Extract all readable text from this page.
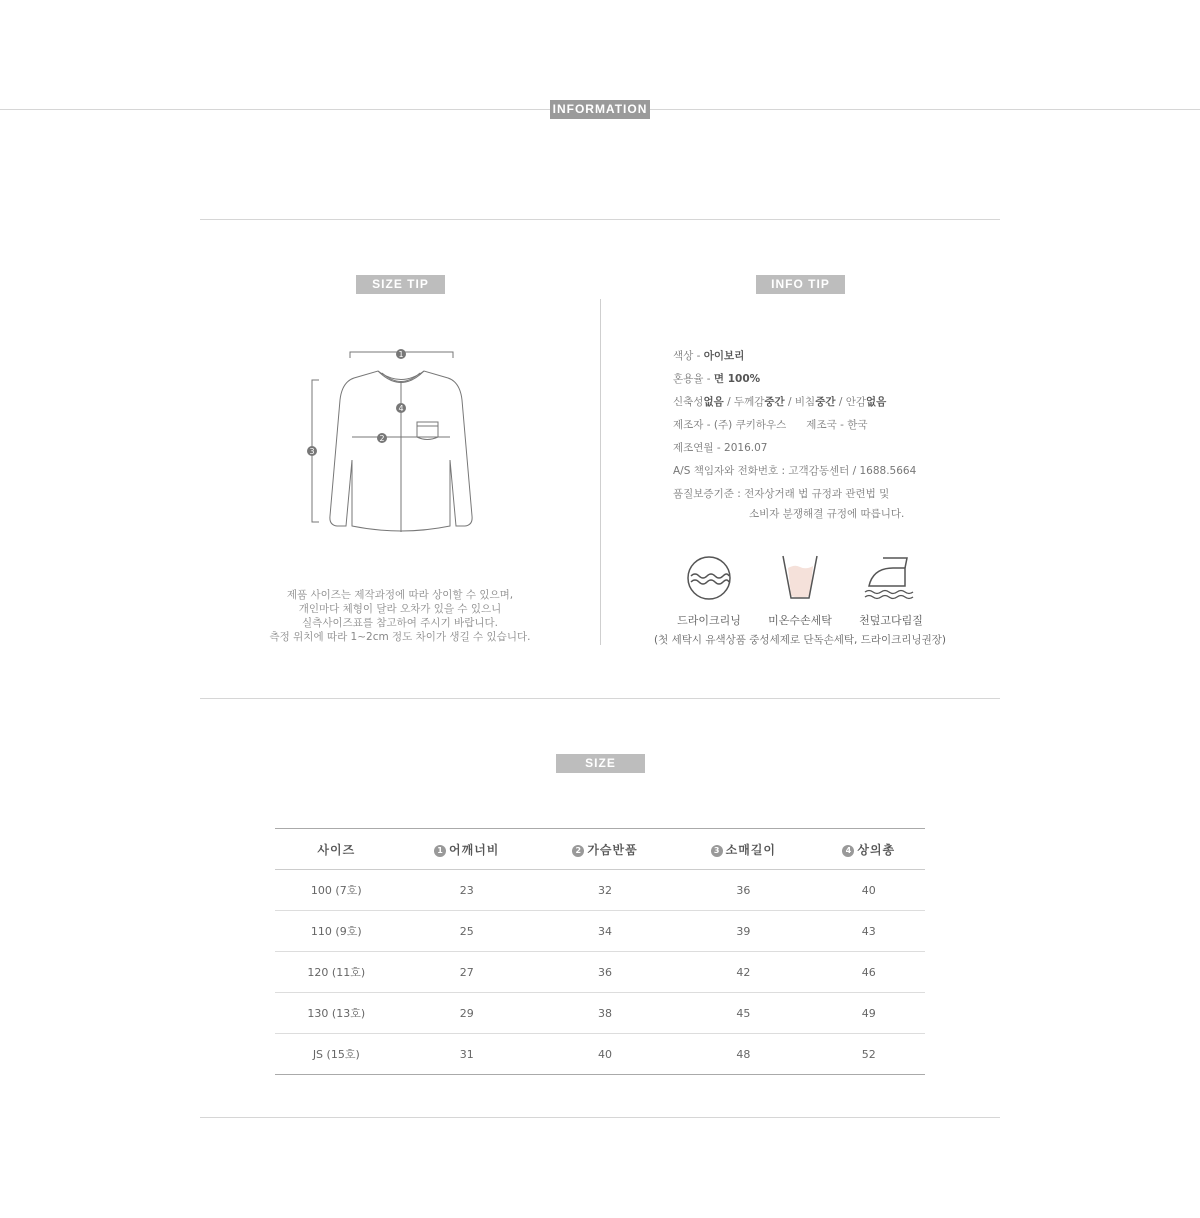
INFORMATION
SIZE TIP
1
2
3
4
제품 사이즈는 제작과정에 따라 상이할 수 있으며,
개인마다 체형이 달라 오차가 있을 수 있으니
실측사이즈표를 참고하여 주시기 바랍니다.
측정 위치에 따라 1~2cm 정도 차이가 생길 수 있습니다.
INFO TIP
색상 - 아이보리
혼용율 - 면 100%
신축성없음 / 두께감중간 / 비침중간 / 안감없음
제조자 - (주) 쿠키하우스 제조국 - 한국
제조연월 - 2016.07
A/S 책임자와 전화번호 : 고객감동센터 / 1688.5664
품질보증기준 : 전자상거래 법 규정과 관련법 및
소비자 분쟁해결 규정에 따릅니다.
드라이크리닝	미온수손세탁	천덮고다림질
(첫 세탁시 유색상품 중성세제로 단독손세탁, 드라이크리닝권장)
SIZE
사이즈	1 어깨너비	2 가슴반품	3 소매길이	4 상의총
100 (7호)	23	32	36	40
110 (9호)	25	34	39	43
120 (11호)	27	36	42	46
130 (13호)	29	38	45	49
JS (15호)	31	40	48	52
